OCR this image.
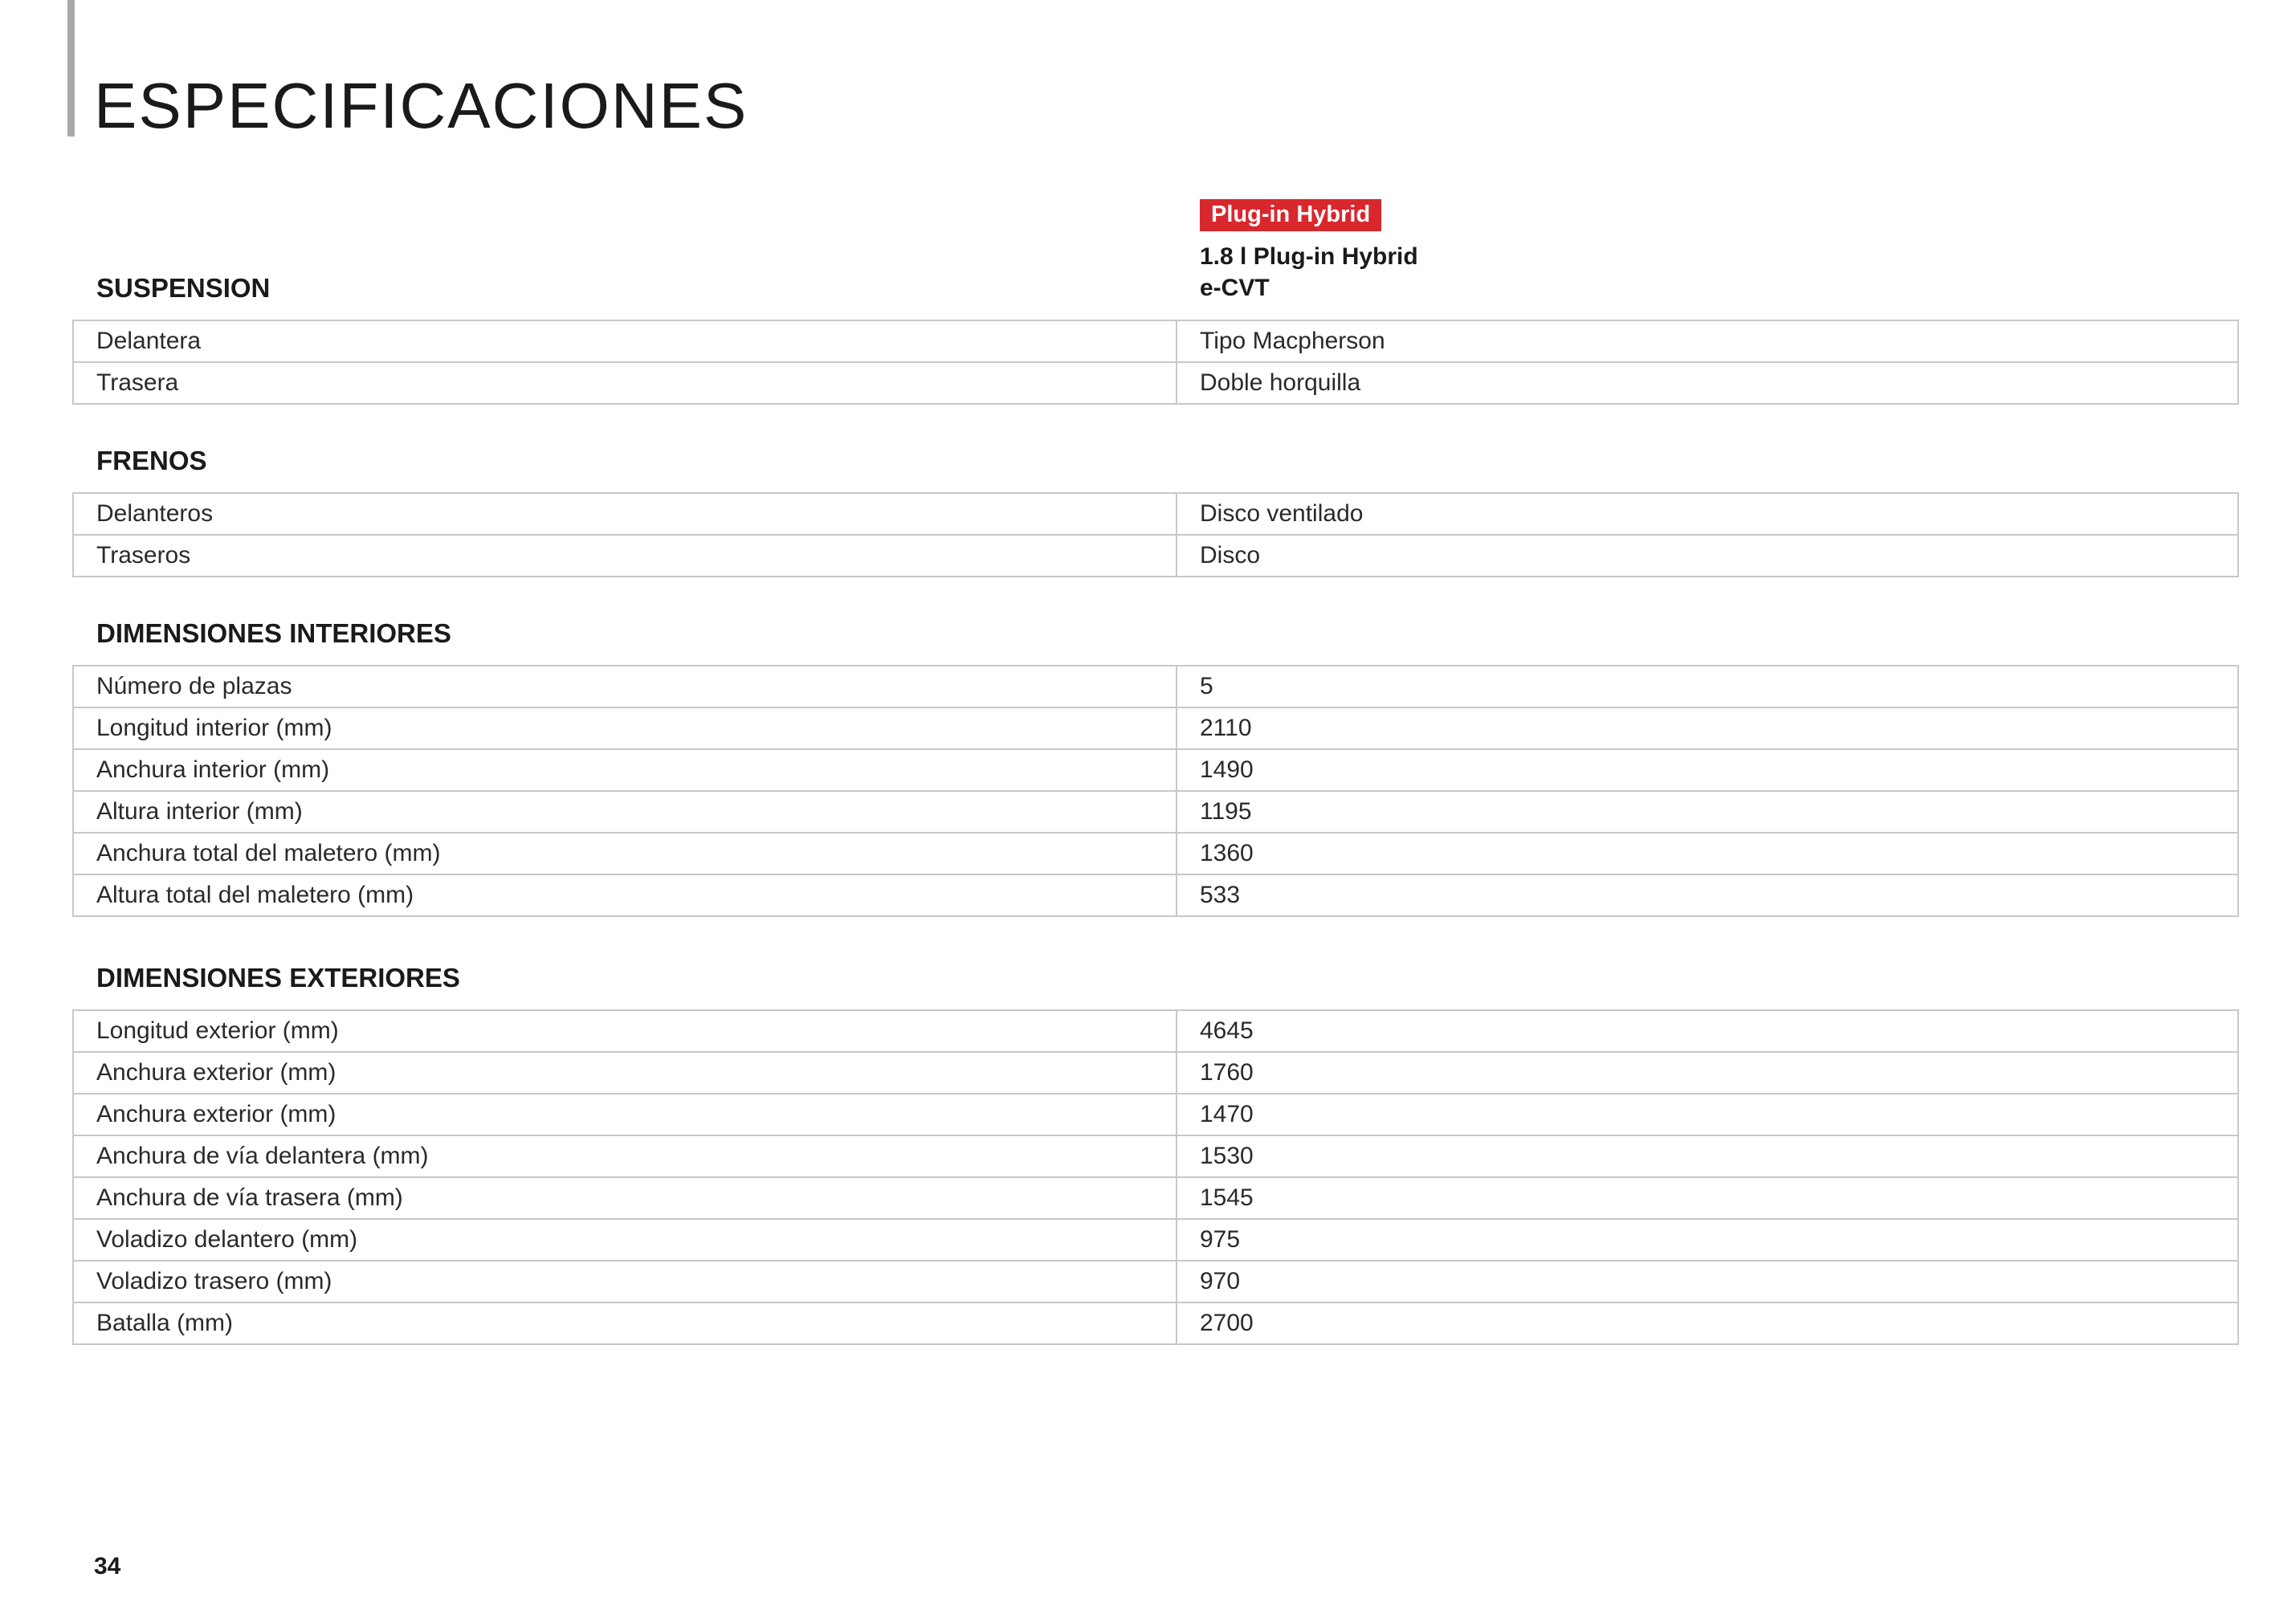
ESPECIFICACIONES
Plug-in Hybrid
1.8 l Plug-in Hybrid
e-CVT
SUSPENSION
Delantera	Tipo Macpherson
Trasera	Doble horquilla
FRENOS
Delanteros	Disco ventilado
Traseros	Disco
DIMENSIONES INTERIORES
Número de plazas	5
Longitud interior (mm)	2110
Anchura interior (mm)	1490
Altura interior (mm)	1195
Anchura total del maletero (mm)	1360
Altura total del maletero (mm)	533
DIMENSIONES EXTERIORES
Longitud exterior (mm)	4645
Anchura exterior (mm)	1760
Anchura exterior (mm)	1470
Anchura de vía delantera (mm)	1530
Anchura de vía trasera (mm)	1545
Voladizo delantero (mm)	975
Voladizo trasero (mm)	970
Batalla (mm)	2700
34
